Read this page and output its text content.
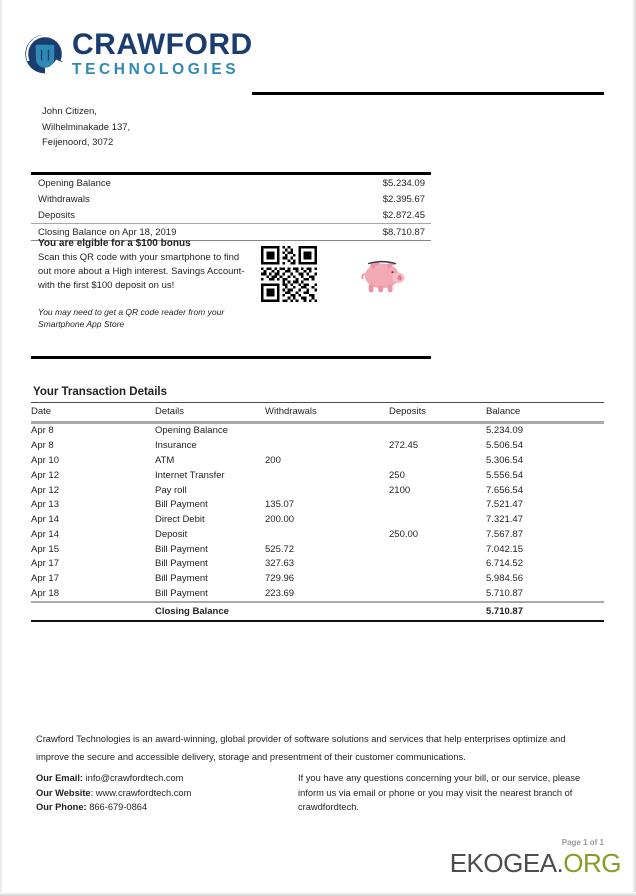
CRAWFORD
TECHNOLOGIES
John Citizen,
Wilhelminakade 137,
Feijenoord, 3072
Opening Balance	$5.234.09
Withdrawals	$2.395.67
Deposits	$2.872.45
Closing Balance on Apr 18, 2019	$8.710.87
You are elgible for a $100 bonus
Scan this QR code with your smartphone to find out more about a High interest. Savings Account- with the first $100 deposit on us!
You may need to get a QR code reader from your Smartphone App Store
Your Transaction Details
Date	Details	Withdrawals	Deposits	Balance

Apr 8	Opening Balance			5.234.09
Apr 8	Insurance		272.45	5.506.54
Apr 10	ATM	200		5.306.54
Apr 12	Internet Transfer		250	5.556.54
Apr 12	Pay roll		2100	7.656.54
Apr 13	Bill Payment	135.07		7.521.47
Apr 14	Direct Debit	200.00		7.321.47
Apr 14	Deposit		250.00	7.567.87
Apr 15	Bill Payment	525.72		7.042.15
Apr 17	Bill Payment	327.63		6.714.52
Apr 17	Bill Payment	729.96		5.984.56
Apr 18	Bill Payment	223.69		5.710.87
	Closing Balance			5.710.87
Crawford Technologies is an award-winning, global provider of software solutions and services that help enterprises optimize and improve the secure and accessible delivery, storage and presentment of their customer communications.
Our Email: info@crawfordtech.com
Our Website: www.crawfordtech.com
Our Phone: 866-679-0864
If you have any questions concerning your bill, or our service, please inform us via email or phone or you may visit the nearest branch of crawdfordtech.
Page 1 of 1
EKOGEA.ORG
